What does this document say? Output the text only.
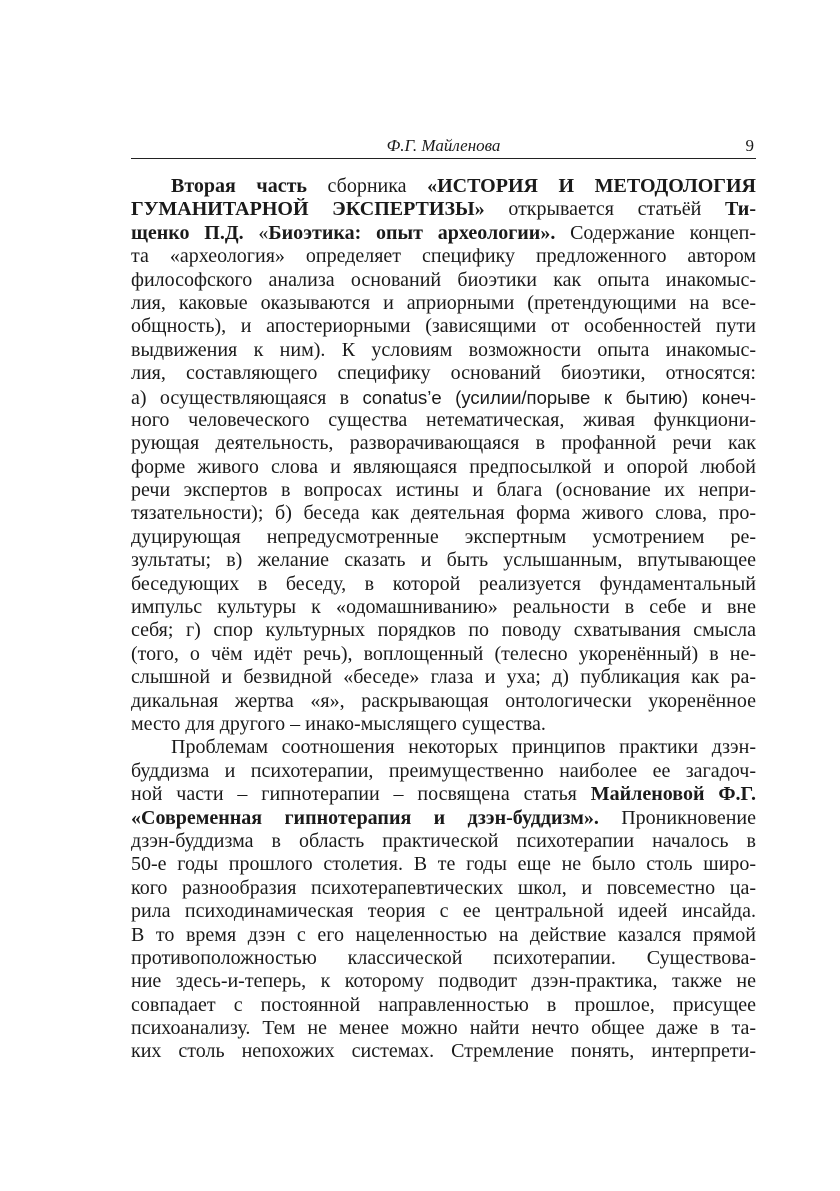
Ф.Г. Майленова	9
Вторая часть сборника «ИСТОРИЯ И МЕТОДОЛОГИЯ
ГУМАНИТАРНОЙ ЭКСПЕРТИЗЫ» открывается статьёй Ти-
щенко П.Д. «Биоэтика: опыт археологии». Содержание концеп-
та «археология» определяет специфику предложенного автором
философского анализа оснований биоэтики как опыта инакомыс-
лия, каковые оказываются и априорными (претендующими на все-
общность), и апостериорными (зависящими от особенностей пути
выдвижения к ним). К условиям возможности опыта инакомыс-
лия, составляющего специфику оснований биоэтики, относятся:
а) осуществляющаяся в conatus’e (усилии/порыве к бытию) конеч-
ного человеческого существа нетематическая, живая функциони-
рующая деятельность, разворачивающаяся в профанной речи как
форме живого слова и являющаяся предпосылкой и опорой любой
речи экспертов в вопросах истины и блага (основание их непри-
тязательности); б) беседа как деятельная форма живого слова, про-
дуцирующая непредусмотренные экспертным усмотрением ре-
зультаты; в) желание сказать и быть услышанным, впутывающее
беседующих в беседу, в которой реализуется фундаментальный
импульс культуры к «одомашниванию» реальности в себе и вне
себя; г) спор культурных порядков по поводу схватывания смысла
(того, о чём идёт речь), воплощенный (телесно укоренённый) в не-
слышной и безвидной «беседе» глаза и уха; д) публикация как ра-
дикальная жертва «я», раскрывающая онтологически укоренённое
место для другого – инако-мыслящего существа.
Проблемам соотношения некоторых принципов практики дзэн-
буддизма и психотерапии, преимущественно наиболее ее загадоч-
ной части – гипнотерапии – посвящена статья Майленовой Ф.Г.
«Современная гипнотерапия и дзэн-буддизм». Проникновение
дзэн-буддизма в область практической психотерапии началось в
50-е годы прошлого столетия. В те годы еще не было столь широ-
кого разнообразия психотерапевтических школ, и повсеместно ца-
рила психодинамическая теория с ее центральной идеей инсайда.
В то время дзэн с его нацеленностью на действие казался прямой
противоположностью классической психотерапии. Существова-
ние здесь-и-теперь, к которому подводит дзэн-практика, также не
совпадает с постоянной направленностью в прошлое, присущее
психоанализу. Тем не менее можно найти нечто общее даже в та-
ких столь непохожих системах. Стремление понять, интерпрети-
